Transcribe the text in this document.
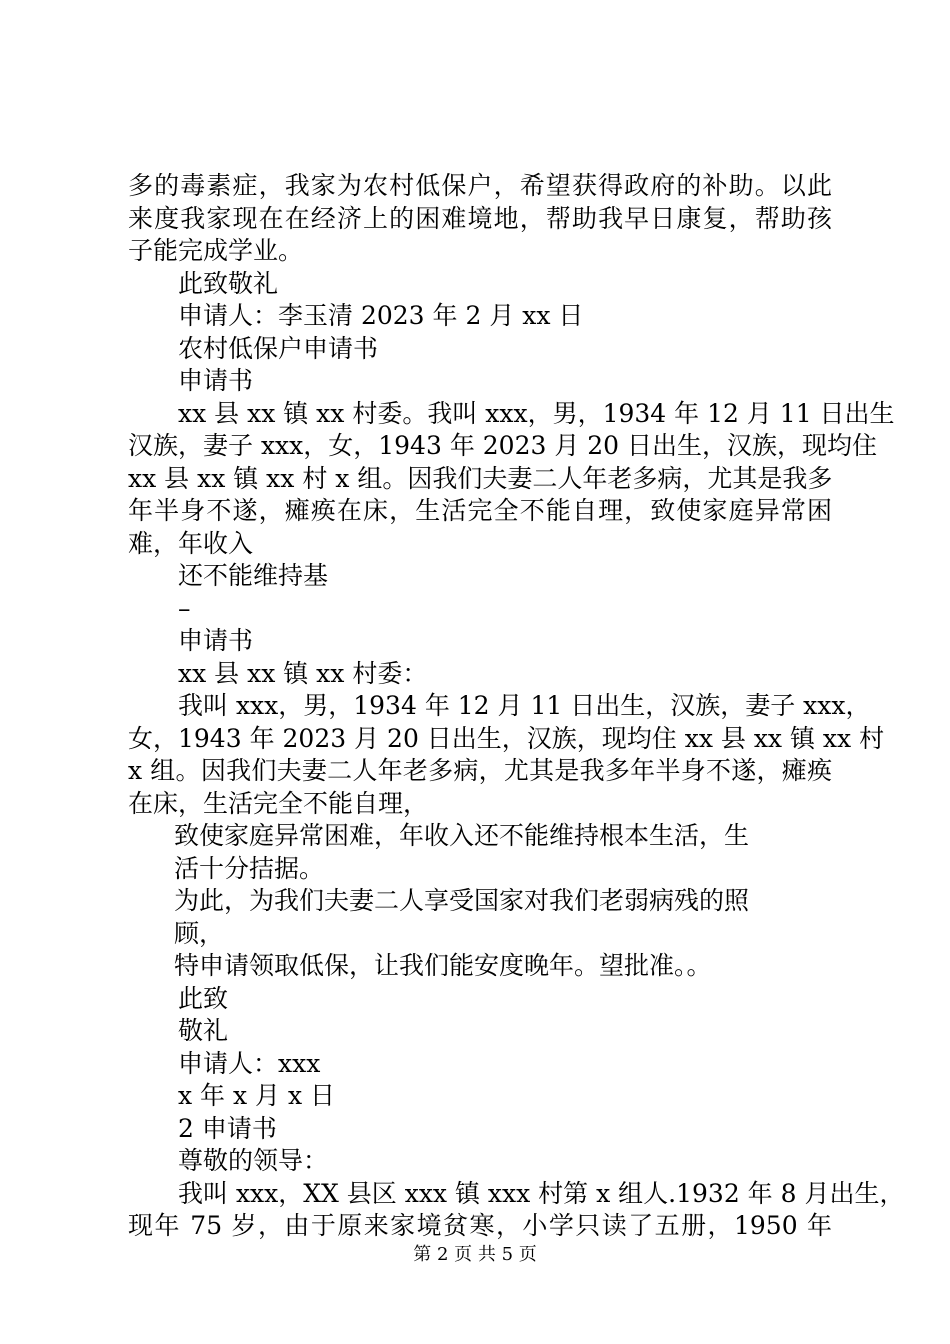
多的毒素症，我家为农村低保户，希望获得政府的补助。以此

来度我家现在在经济上的困难境地，帮助我早日康复，帮助孩

子能完成学业。

此致敬礼

申请人：李玉清 2023 年 2 月 xx 日

农村低保户申请书

申请书

xx 县 xx 镇 xx 村委。我叫 xxx，男，1934 年 12 月 11 日出生

汉族，妻子 xxx，女，1943 年 2023 月 20 日出生，汉族，现均住

xx 县 xx 镇 xx 村 x 组。因我们夫妻二人年老多病，尤其是我多

年半身不遂，瘫痪在床，生活完全不能自理，致使家庭异常困

难，年收入

还不能维持基

–

申请书

xx 县 xx 镇 xx 村委：

我叫 xxx，男，1934 年 12 月 11 日出生，汉族，妻子 xxx，

女，1943 年 2023 月 20 日出生，汉族，现均住 xx 县 xx 镇 xx 村

x 组。因我们夫妻二人年老多病，尤其是我多年半身不遂，瘫痪

在床，生活完全不能自理，

致使家庭异常困难，年收入还不能维持根本生活，生

活十分拮据。

为此，为我们夫妻二人享受国家对我们老弱病残的照

顾，

特申请领取低保，让我们能安度晚年。望批准。。

此致

敬礼

申请人：xxx

x 年 x 月 x 日

2 申请书

尊敬的领导：

我叫 xxx，XX 县区 xxx 镇 xxx 村第 x 组人.1932 年 8 月出生，

现年 75 岁，由于原来家境贫寒，小学只读了五册，1950 年

第 2 页 共 5 页
